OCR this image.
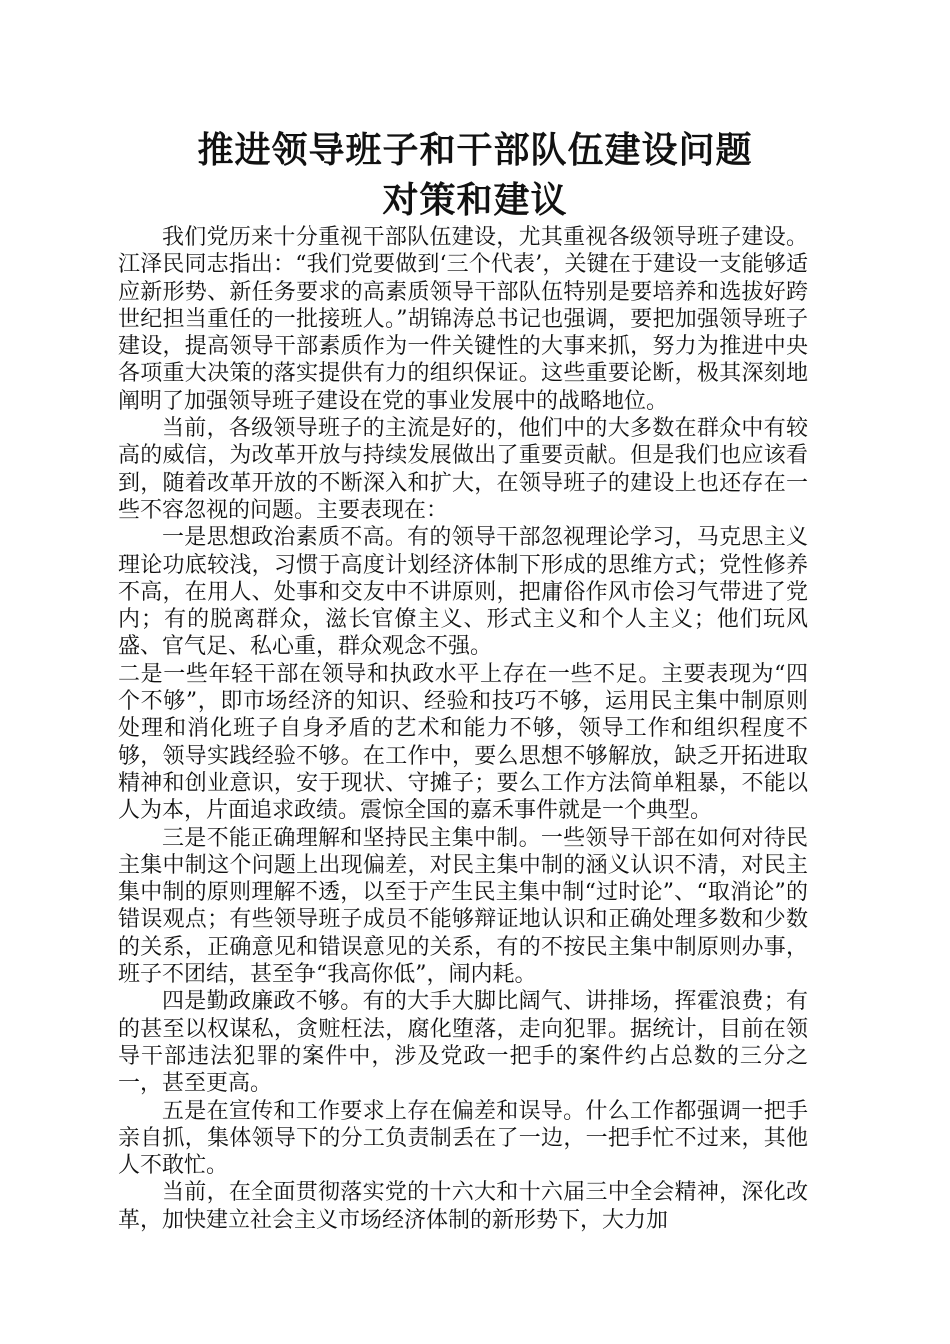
推进领导班子和干部队伍建设问题
对策和建议

我们党历来十分重视干部队伍建设，尤其重视各级领导班子建设。江泽民同志指出：“我们党要做到‘三个代表’，关键在于建设一支能够适应新形势、新任务要求的高素质领导干部队伍特别是要培养和选拔好跨世纪担当重任的一批接班人。”胡锦涛总书记也强调，要把加强领导班子建设，提高领导干部素质作为一件关键性的大事来抓，努力为推进中央各项重大决策的落实提供有力的组织保证。这些重要论断，极其深刻地阐明了加强领导班子建设在党的事业发展中的战略地位。

当前，各级领导班子的主流是好的，他们中的大多数在群众中有较高的威信，为改革开放与持续发展做出了重要贡献。但是我们也应该看到，随着改革开放的不断深入和扩大，在领导班子的建设上也还存在一些不容忽视的问题。主要表现在：

一是思想政治素质不高。有的领导干部忽视理论学习，马克思主义理论功底较浅，习惯于高度计划经济体制下形成的思维方式；党性修养不高，在用人、处事和交友中不讲原则，把庸俗作风市侩习气带进了党内；有的脱离群众，滋长官僚主义、形式主义和个人主义；他们玩风盛、官气足、私心重，群众观念不强。

二是一些年轻干部在领导和执政水平上存在一些不足。主要表现为“四个不够”，即市场经济的知识、经验和技巧不够，运用民主集中制原则处理和消化班子自身矛盾的艺术和能力不够，领导工作和组织程度不够，领导实践经验不够。在工作中，要么思想不够解放，缺乏开拓进取精神和创业意识，安于现状、守摊子；要么工作方法简单粗暴，不能以人为本，片面追求政绩。震惊全国的嘉禾事件就是一个典型。

三是不能正确理解和坚持民主集中制。一些领导干部在如何对待民主集中制这个问题上出现偏差，对民主集中制的涵义认识不清，对民主集中制的原则理解不透，以至于产生民主集中制“过时论”、“取消论”的错误观点；有些领导班子成员不能够辩证地认识和正确处理多数和少数的关系，正确意见和错误意见的关系，有的不按民主集中制原则办事，班子不团结，甚至争“我高你低”，闹内耗。

四是勤政廉政不够。有的大手大脚比阔气、讲排场，挥霍浪费；有的甚至以权谋私，贪赃枉法，腐化堕落，走向犯罪。据统计，目前在领导干部违法犯罪的案件中，涉及党政一把手的案件约占总数的三分之一，甚至更高。

五是在宣传和工作要求上存在偏差和误导。什么工作都强调一把手亲自抓，集体领导下的分工负责制丢在了一边，一把手忙不过来，其他人不敢忙。

当前，在全面贯彻落实党的十六大和十六届三中全会精神，深化改革，加快建立社会主义市场经济体制的新形势下，大力加
